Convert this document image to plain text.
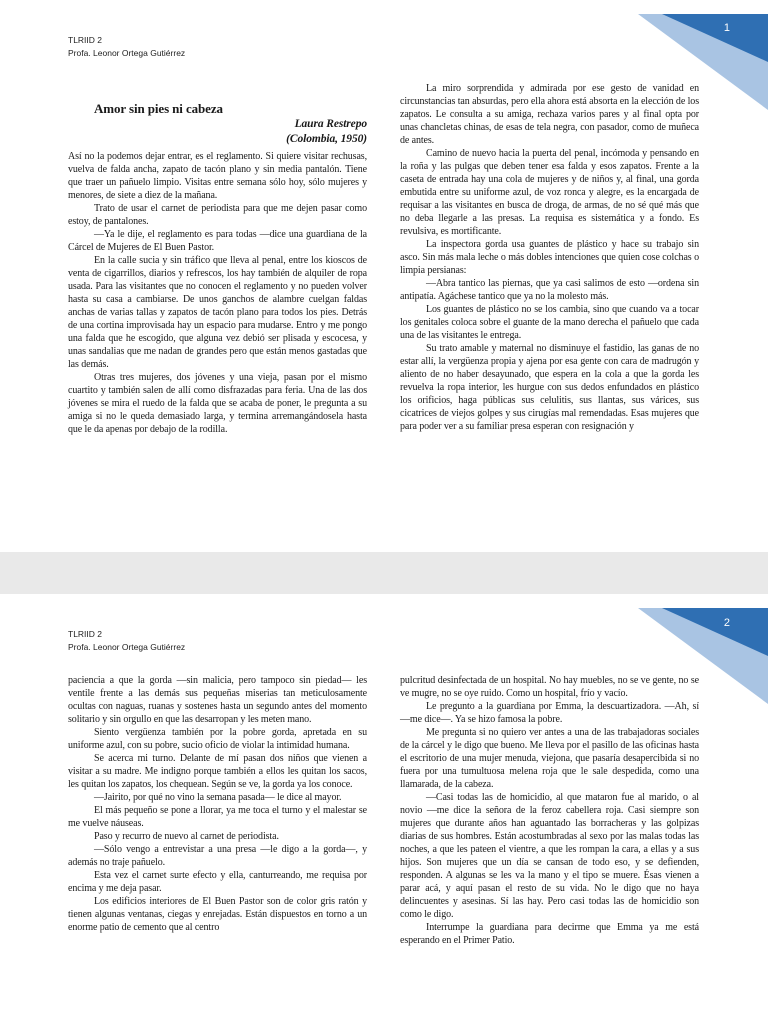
1
TLRIID 2
Profa. Leonor Ortega Gutiérrez

Amor sin pies ni cabeza

Laura Restrepo

(Colombia, 1950)

Así no la podemos dejar entrar, es el reglamento. Si quiere visitar rechusas, vuelva de falda ancha, zapato de tacón plano y sin media pantalón. Tiene que traer un pañuelo limpio. Visitas entre semana sólo hoy, sólo mujeres y menores, de siete a diez de la mañana.

Trato de usar el carnet de periodista para que me dejen pasar como estoy, de pantalones.

—Ya le dije, el reglamento es para todas —dice una guardiana de la Cárcel de Mujeres de El Buen Pastor.

En la calle sucia y sin tráfico que lleva al penal, entre los kioscos de venta de cigarrillos, diarios y refrescos, los hay también de alquiler de ropa usada. Para las visitantes que no conocen el reglamento y no pueden volver hasta su casa a cambiarse. De unos ganchos de alambre cuelgan faldas anchas de varias tallas y zapatos de tacón plano para todos los pies. Detrás de una cortina improvisada hay un espacio para mudarse. Entro y me pongo una falda que he escogido, que alguna vez debió ser plisada y escocesa, y unas sandalias que me nadan de grandes pero que están menos gastadas que las demás.

Otras tres mujeres, dos jóvenes y una vieja, pasan por el mismo cuartito y también salen de allí como disfrazadas para feria. Una de las dos jóvenes se mira el ruedo de la falda que se acaba de poner, le pregunta a su amiga si no le queda demasiado larga, y termina arremangándosela hasta que le da apenas por debajo de la rodilla.

La miro sorprendida y admirada por ese gesto de vanidad en circunstancias tan absurdas, pero ella ahora está absorta en la elección de los zapatos. Le consulta a su amiga, rechaza varios pares y al final opta por unas chancletas chinas, de esas de tela negra, con pasador, como de muñeca de antes.

Camino de nuevo hacia la puerta del penal, incómoda y pensando en la roña y las pulgas que deben tener esa falda y esos zapatos. Frente a la caseta de entrada hay una cola de mujeres y de niños y, al final, una gorda embutida entre su uniforme azul, de voz ronca y alegre, es la encargada de requisar a las visitantes en busca de droga, de armas, de no sé qué más que no deba llegarle a las presas. La requisa es sistemática y a fondo. Es revulsiva, es mortificante.

La inspectora gorda usa guantes de plástico y hace su trabajo sin asco. Sin más mala leche o más dobles intenciones que quien cose colchas o limpia persianas:

—Abra tantico las piernas, que ya casi salimos de esto —ordena sin antipatía. Agáchese tantico que ya no la molesto más.

Los guantes de plástico no se los cambia, sino que cuando va a tocar los genitales coloca sobre el guante de la mano derecha el pañuelo que cada una de las visitantes le entrega.

Su trato amable y maternal no disminuye el fastidio, las ganas de no estar allí, la vergüenza propia y ajena por esa gente con cara de madrugón y aliento de no haber desayunado, que espera en la cola a que la gorda les revuelva la ropa interior, les hurgue con sus dedos enfundados en plástico los orificios, haga públicas sus celulitis, sus llantas, sus várices, sus cicatrices de viejos golpes y sus cirugías mal remendadas. Esas mujeres que para poder ver a su familiar presa esperan con resignación y

2
TLRIID 2
Profa. Leonor Ortega Gutiérrez

paciencia a que la gorda —sin malicia, pero tampoco sin piedad— les ventile frente a las demás sus pequeñas miserias tan meticulosamente ocultas con naguas, ruanas y sostenes hasta un segundo antes del momento solitario y sin orgullo en que las desarropan y les meten mano.

Siento vergüenza también por la pobre gorda, apretada en su uniforme azul, con su pobre, sucio oficio de violar la intimidad humana.

Se acerca mi turno. Delante de mí pasan dos niños que vienen a visitar a su madre. Me indigno porque también a ellos les quitan los sacos, les quitan los zapatos, los chequean. Según se ve, la gorda ya los conoce.

—Jairito, por qué no vino la semana pasada— le dice al mayor.

El más pequeño se pone a llorar, ya me toca el turno y el malestar se me vuelve náuseas.

Paso y recurro de nuevo al carnet de periodista.

—Sólo vengo a entrevistar a una presa —le digo a la gorda—, y además no traje pañuelo.

Esta vez el carnet surte efecto y ella, canturreando, me requisa por encima y me deja pasar.

Los edificios interiores de El Buen Pastor son de color gris ratón y tienen algunas ventanas, ciegas y enrejadas. Están dispuestos en torno a un enorme patio de cemento que al centro

pulcritud desinfectada de un hospital. No hay muebles, no se ve gente, no se ve mugre, no se oye ruido. Como un hospital, frío y vacío.

Le pregunto a la guardiana por Emma, la descuartizadora. —Ah, sí —me dice—. Ya se hizo famosa la pobre.

Me pregunta si no quiero ver antes a una de las trabajadoras sociales de la cárcel y le digo que bueno. Me lleva por el pasillo de las oficinas hasta el escritorio de una mujer menuda, viejona, que pasaría desapercibida si no fuera por una tumultuosa melena roja que le sale despedida, como una llamarada, de la cabeza.

—Casi todas las de homicidio, al que mataron fue al marido, o al novio —me dice la señora de la feroz cabellera roja. Casi siempre son mujeres que durante años han aguantado las borracheras y las golpizas diarias de sus hombres. Están acostumbradas al sexo por las malas todas las noches, a que les pateen el vientre, a que les rompan la cara, a ellas y a sus hijos. Son mujeres que un día se cansan de todo eso, y se defienden, responden. A algunas se les va la mano y el tipo se muere. Ésas vienen a parar acá, y aquí pasan el resto de su vida. No le digo que no haya delincuentes y asesinas. Sí las hay. Pero casi todas las de homicidio son como le digo.

Interrumpe la guardiana para decirme que Emma ya me está esperando en el Primer Patio.
